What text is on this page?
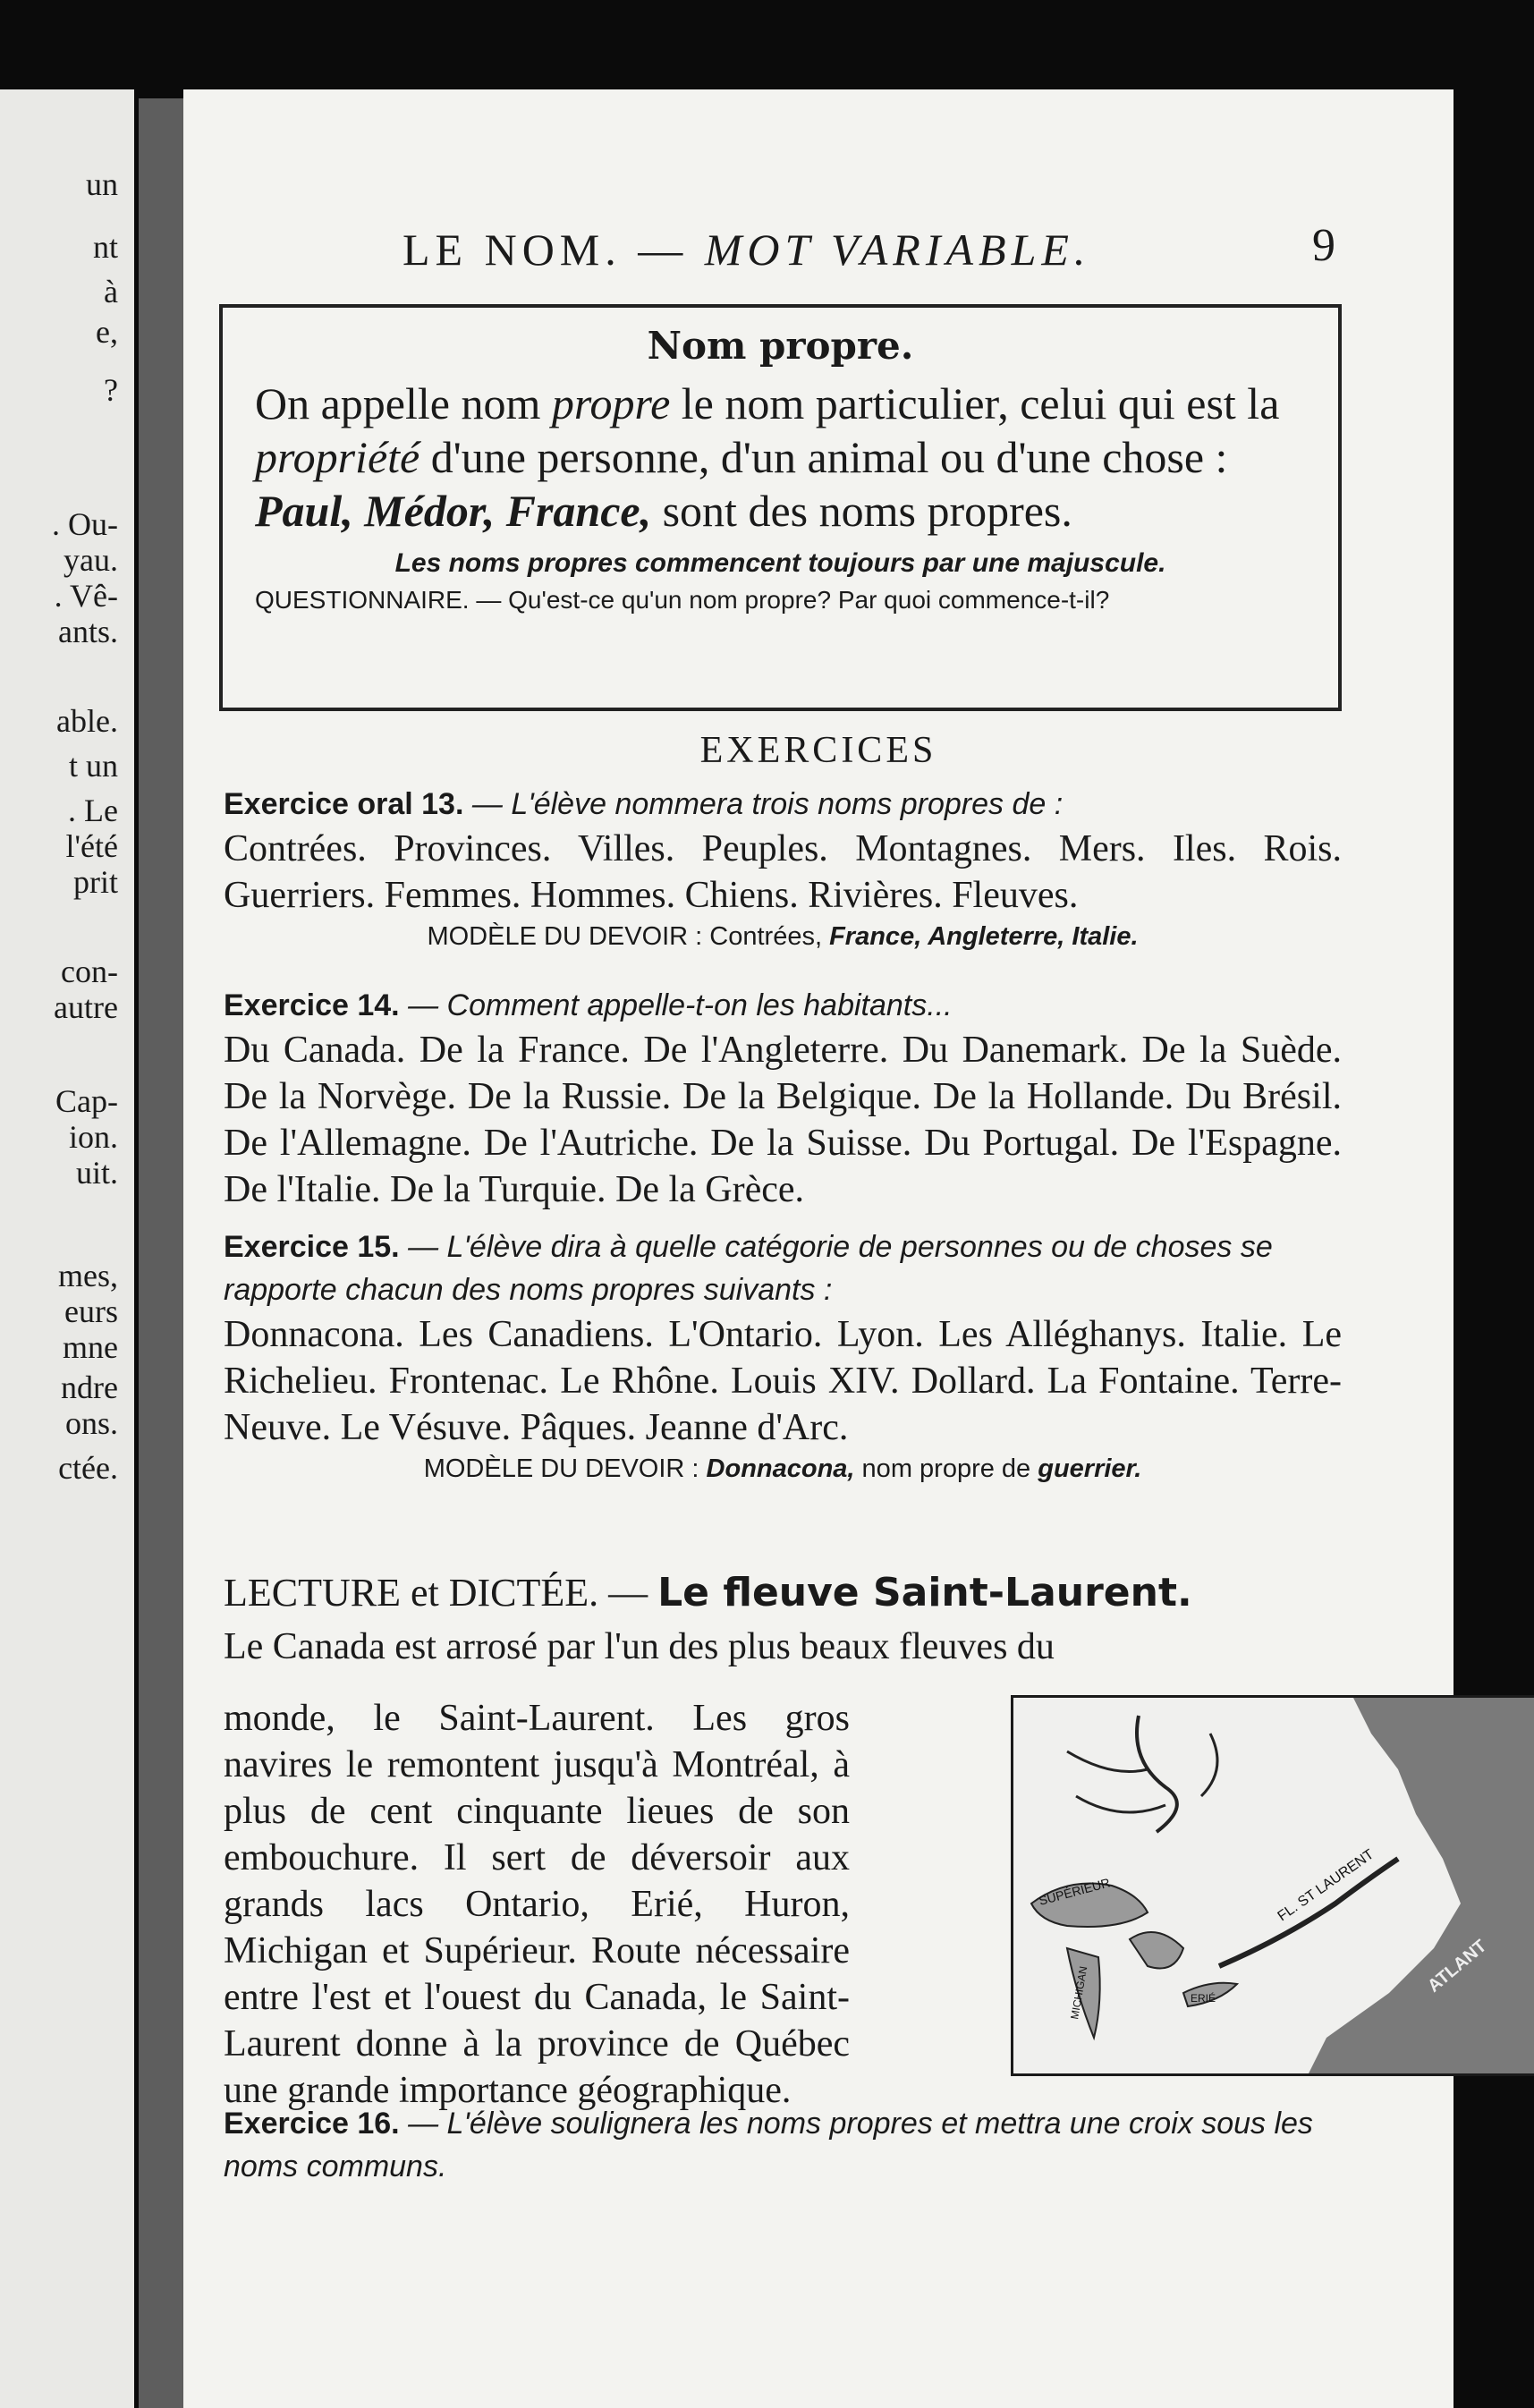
un
nt
à
e,
?
. Ou-
yau.
. Vê-
ants.
able.
t un
. Le
l'été
prit
con-
autre
Cap-
ion.
uit.
mes,
eurs
mne
ndre
ons.
ctée.
LE NOM. — MOT VARIABLE.	9
Nom propre.
On appelle nom propre le nom particulier, celui qui est la propriété d'une personne, d'un animal ou d'une chose : Paul, Médor, France, sont des noms propres.
Les noms propres commencent toujours par une majuscule.
QUESTIONNAIRE. — Qu'est-ce qu'un nom propre? Par quoi commence-t-il?
EXERCICES
Exercice oral 13. — L'élève nommera trois noms propres de :
Contrées. Provinces. Villes. Peuples. Montagnes. Mers. Iles. Rois. Guerriers. Femmes. Hommes. Chiens. Rivières. Fleuves.
MODÈLE DU DEVOIR : Contrées, France, Angleterre, Italie.
Exercice 14. — Comment appelle-t-on les habitants...
Du Canada. De la France. De l'Angleterre. Du Danemark. De la Suède. De la Norvège. De la Russie. De la Belgique. De la Hollande. Du Brésil. De l'Allemagne. De l'Autriche. De la Suisse. Du Portugal. De l'Espagne. De l'Italie. De la Turquie. De la Grèce.
Exercice 15. — L'élève dira à quelle catégorie de personnes ou de choses se rapporte chacun des noms propres suivants :
Donnacona. Les Canadiens. L'Ontario. Lyon. Les Alléghanys. Italie. Le Richelieu. Frontenac. Le Rhône. Louis XIV. Dollard. La Fontaine. Terre-Neuve. Le Vésuve. Pâques. Jeanne d'Arc.
MODÈLE DU DEVOIR : Donnacona, nom propre de guerrier.
LECTURE et DICTÉE. — Le fleuve Saint-Laurent.
Le Canada est arrosé par l'un des plus beaux fleuves du
monde, le Saint-Laurent. Les gros navires le remontent jusqu'à Montréal, à plus de cent cinquante lieues de son embouchure. Il sert de déversoir aux grands lacs Ontario, Erié, Huron, Michigan et Supérieur. Route nécessaire entre l'est et l'ouest du Canada, le Saint-Laurent donne à la province de Québec une grande importance géographique.
SUPÉRIEUR
MICHIGAN	ERIÉ
FL. ST LAURENT
ATLANT
Exercice 16. — L'élève soulignera les noms propres et mettra une croix sous les noms communs.
